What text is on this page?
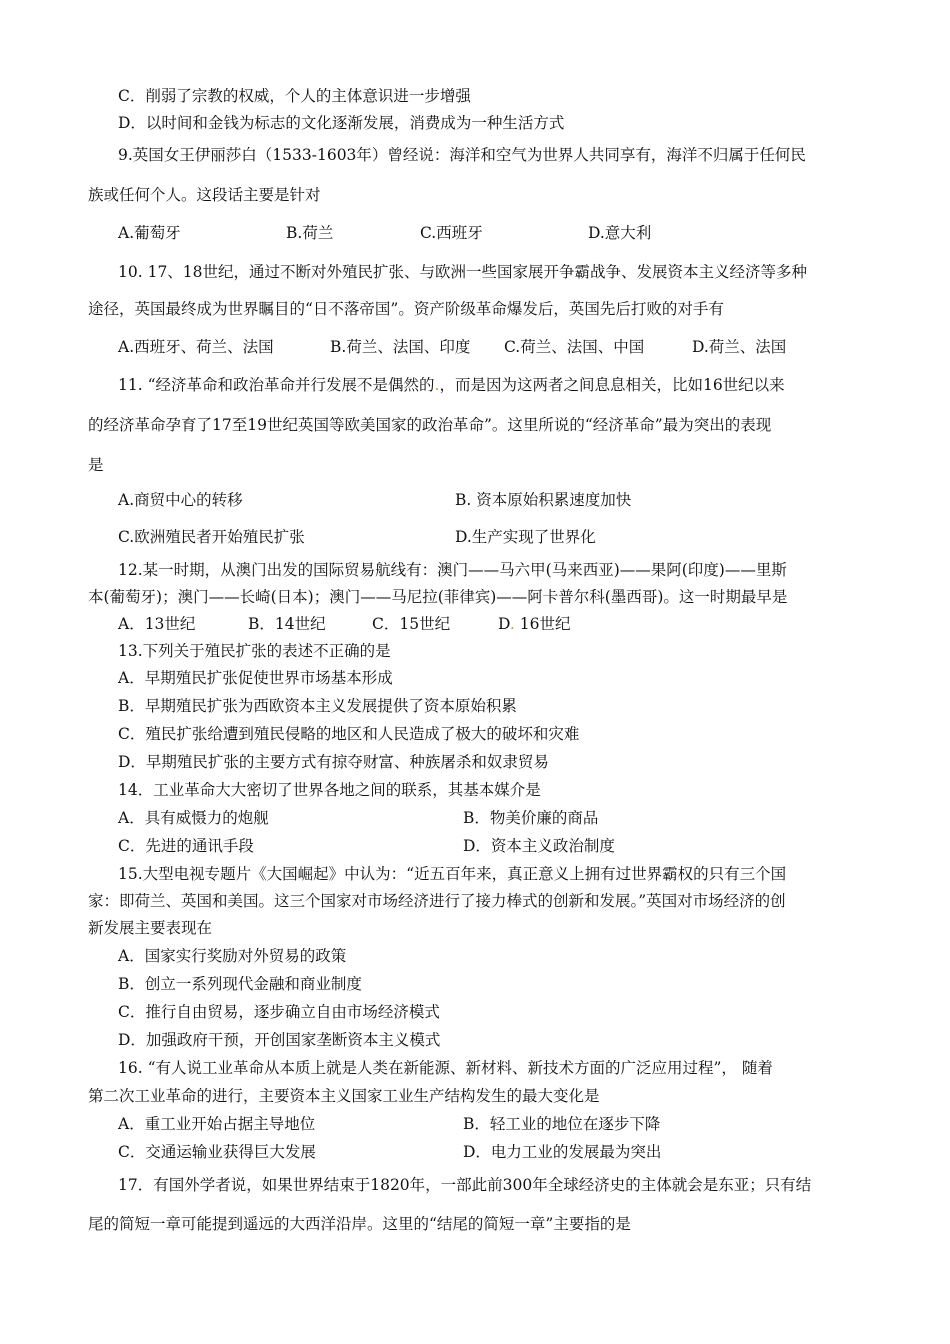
C．削弱了宗教的权威，个人的主体意识进一步增强
D．以时间和金钱为标志的文化逐渐发展，消费成为一种生活方式
9.英国女王伊丽莎白（1533-1603年）曾经说：海洋和空气为世界人共同享有，海洋不归属于任何民
族或任何个人。这段话主要是针对
A.葡萄牙	B.荷兰	C.西班牙	D.意大利
10. 17、18世纪，通过不断对外殖民扩张、与欧洲一些国家展开争霸战争、发展资本主义经济等多种
途径，英国最终成为世界瞩目的“日不落帝国”。资产阶级革命爆发后，英国先后打败的对手有
A.西班牙、荷兰、法国	B.荷兰、法国、印度 C.荷兰、法国、中国	D.荷兰、法国
11. “经济革命和政治革命并行发展不是偶然的.，而是因为这两者之间息息相关，比如16世纪以来
的经济革命孕育了17至19世纪英国等欧美国家的政治革命”。这里所说的“经济革命”最为突出的表现
是
A.商贸中心的转移	B. 资本原始积累速度加快
C.欧洲殖民者开始殖民扩张	D.生产实现了世界化
12.某一时期，从澳门出发的国际贸易航线有：澳门——马六甲(马来西亚)——果阿(印度)——里斯
本(葡萄牙)；澳门——长崎(日本)；澳门——马尼拉(菲律宾)——阿卡普尔科(墨西哥)。这一时期最早是
A．13世纪	B．14世纪	C．15世纪	D. 16世纪
13.下列关于殖民扩张的表述不正确的是
A．早期殖民扩张促使世界市场基本形成
B．早期殖民扩张为西欧资本主义发展提供了资本原始积累
C．殖民扩张给遭到殖民侵略的地区和人民造成了极大的破坏和灾难
D．早期殖民扩张的主要方式有掠夺财富、种族屠杀和奴隶贸易
14．工业革命大大密切了世界各地之间的联系，其基本媒介是
A．具有威慑力的炮舰	B．物美价廉的商品
C．先进的通讯手段	D．资本主义政治制度
15.大型电视专题片《大国崛起》中认为：“近五百年来，真正意义上拥有过世界霸权的只有三个国
家：即荷兰、英国和美国。这三个国家对市场经济进行了接力棒式的创新和发展。”英国对市场经济的创
新发展主要表现在
A．国家实行奖励对外贸易的政策
B．创立一系列现代金融和商业制度
C．推行自由贸易，逐步确立自由市场经济模式
D．加强政府干预，开创国家垄断资本主义模式
16. “有人说工业革命从本质上就是人类在新能源、新材料、新技术方面的广泛应用过程”， 随着
第二次工业革命的进行，主要资本主义国家工业生产结构发生的最大变化是
A．重工业开始占据主导地位	B．轻工业的地位在逐步下降
C．交通运输业获得巨大发展	D．电力工业的发展最为突出
17．有国外学者说，如果世界结束于1820年，一部此前300年全球经济史的主体就会是东亚；只有结
尾的简短一章可能提到遥远的大西洋沿岸。这里的“结尾的简短一章”主要指的是
